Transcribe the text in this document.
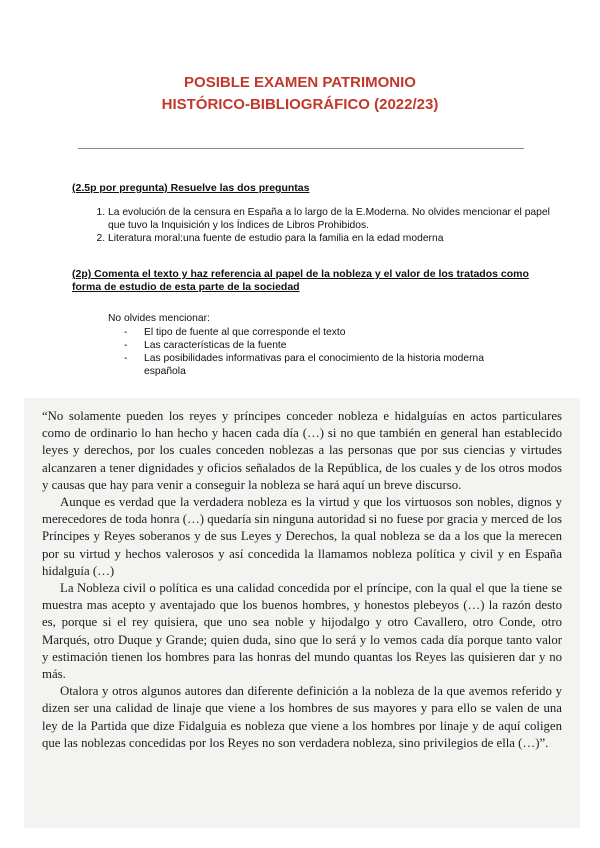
POSIBLE EXAMEN PATRIMONIO
HISTÓRICO-BIBLIOGRÁFICO (2022/23)
(2.5p por pregunta) Resuelve las dos preguntas
1. La evolución de la censura en España a lo largo de la E.Moderna. No olvides mencionar el papel que tuvo la Inquisición y los Índices de Libros Prohibidos.
2. Literatura moral:una fuente de estudio para la familia en la edad moderna
(2p) Comenta el texto y haz referencia al papel de la nobleza y el valor de los tratados como forma de estudio de esta parte de la sociedad
No olvides mencionar:
- El tipo de fuente al que corresponde el texto
- Las características de la fuente
- Las posibilidades informativas para el conocimiento de la historia moderna española

“No solamente pueden los reyes y príncipes conceder nobleza e hidalguías en actos particulares como de ordinario lo han hecho y hacen cada día (…) si no que también en general han establecido leyes y derechos, por los cuales conceden noblezas a las personas que por sus ciencias y virtudes alcanzaren a tener dignidades y oficios señalados de la República, de los cuales y de los otros modos y causas que hay para venir a conseguir la nobleza se hará aquí un breve discurso.

Aunque es verdad que la verdadera nobleza es la virtud y que los virtuosos son nobles, dignos y merecedores de toda honra (…) quedaría sin ninguna autoridad si no fuese por gracia y merced de los Príncipes y Reyes soberanos y de sus Leyes y Derechos, la qual nobleza se da a los que la merecen por su virtud y hechos valerosos y así concedida la llamamos nobleza política y civil y en España hidalguía (…)

La Nobleza civil o política es una calidad concedida por el príncipe, con la qual el que la tiene se muestra mas acepto y aventajado que los buenos hombres, y honestos plebeyos (…) la razón desto es, porque si el rey quisiera, que uno sea noble y hijodalgo y otro Cavallero, otro Conde, otro Marqués, otro Duque y Grande; quien duda, sino que lo será y lo vemos cada día porque tanto valor y estimación tienen los hombres para las honras del mundo quantas los Reyes las quisieren dar y no más.

Otalora y otros algunos autores dan diferente definición a la nobleza de la que avemos referido y dizen ser una calidad de linaje que viene a los hombres de sus mayores y para ello se valen de una ley de la Partida que dize Fidalguia es nobleza que viene a los hombres por linaje y de aquí coligen que las noblezas concedidas por los Reyes no son verdadera nobleza, sino privilegios de ella (…)”.
